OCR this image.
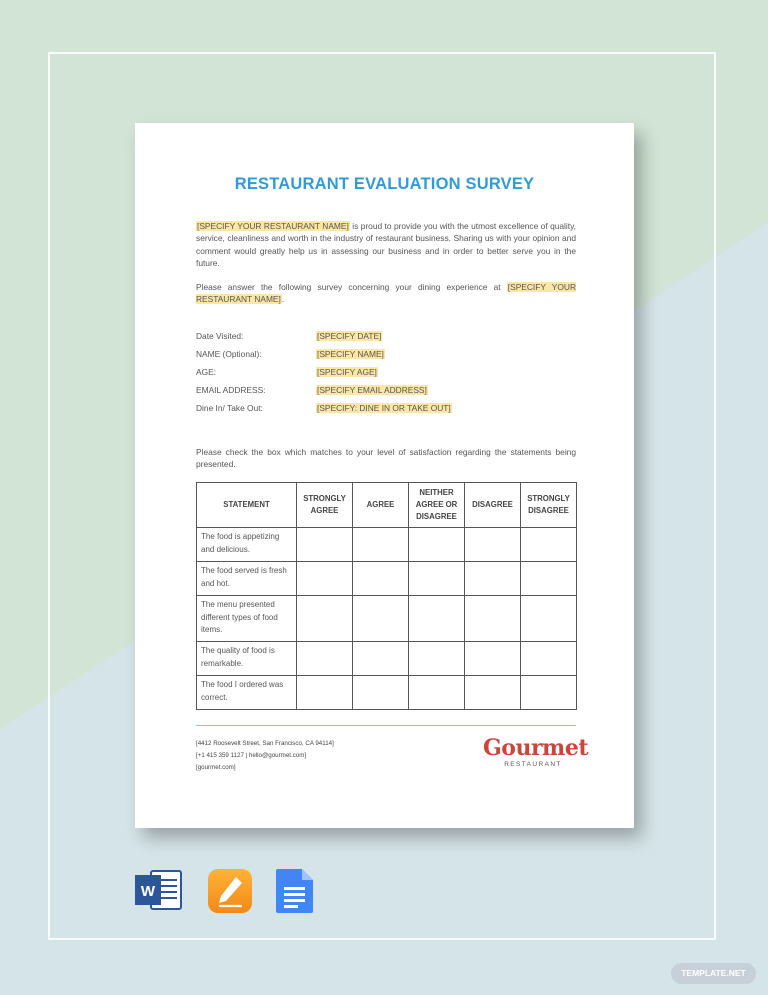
RESTAURANT EVALUATION SURVEY
[SPECIFY YOUR RESTAURANT NAME] is proud to provide you with the utmost excellence of quality, service, cleanliness and worth in the industry of restaurant business. Sharing us with your opinion and comment would greatly help us in assessing our business and in order to better serve you in the future.
Please answer the following survey concerning your dining experience at [SPECIFY YOUR RESTAURANT NAME].
Date Visited:	[SPECIFY DATE]
NAME (Optional):	[SPECIFY NAME]
AGE:	[SPECIFY AGE]
EMAIL ADDRESS:	[SPECIFY EMAIL ADDRESS]
Dine In/ Take Out:	[SPECIFY: DINE IN OR TAKE OUT]
Please check the box which matches to your level of satisfaction regarding the statements being presented.
STATEMENT	STRONGLY AGREE	AGREE	NEITHER AGREE OR DISAGREE	DISAGREE	STRONGLY DISAGREE
The food is appetizing and delicious.					
The food served is fresh and hot.					
The menu presented different types of food items.					
The quality of food is remarkable.					
The food I ordered was correct.					
[4412 Roosevelt Street, San Francisco, CA 94114]
[+1 415 359 1127 | hello@gourmet.com]
[gourmet.com]
Gourmet
RESTAURANT
W
TEMPLATE.NET
